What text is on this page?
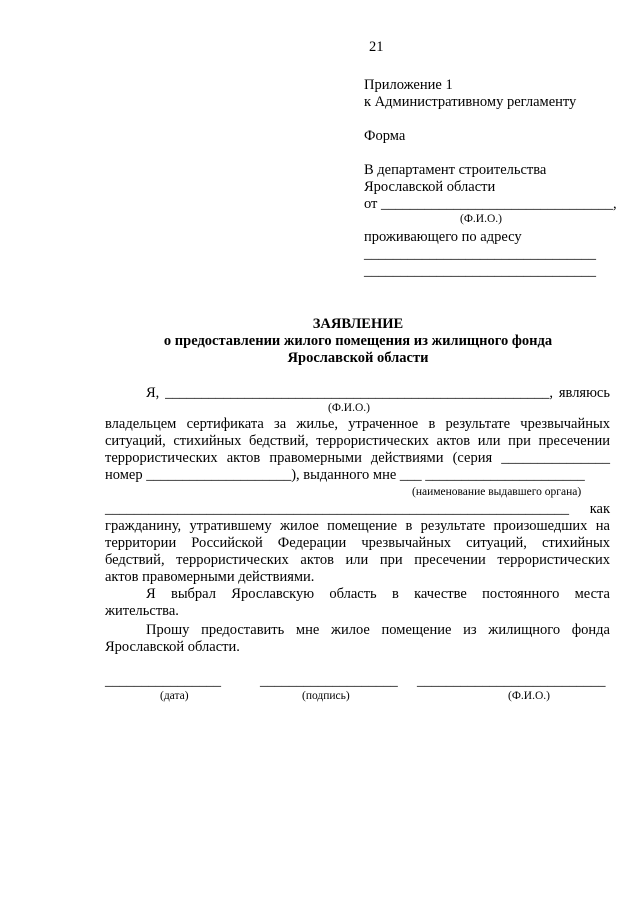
21
Приложение 1
к Административному регламенту
Форма
В департамент строительства
Ярославской области
от ________________________________,
(Ф.И.О.)
проживающего по адресу
________________________________
________________________________
ЗАЯВЛЕНИЕ
о предоставлении жилого помещения из жилищного фонда
Ярославской области
Я, _____________________________________________________, являюсь
(Ф.И.О.)
владельцем сертификата за жилье, утраченное в результате чрезвычайных
ситуаций, стихийных бедствий, террористических актов или при пресечении
террористических актов правомерными действиями (серия _______________
номер ____________________), выданного мне ___ ______________________
(наименование выдавшего органа)
________________________________________________________________ как
гражданину, утратившему жилое помещение в результате произошедших на
территории Российской Федерации чрезвычайных ситуаций, стихийных
бедствий, террористических актов или при пресечении террористических
актов правомерными действиями.
Я выбрал Ярославскую область в качестве постоянного места
жительства.
Прошу предоставить мне жилое помещение из жилищного фонда
Ярославской области.
________________	___________________ __________________________
(дата)	(подпись)	(Ф.И.О.)
